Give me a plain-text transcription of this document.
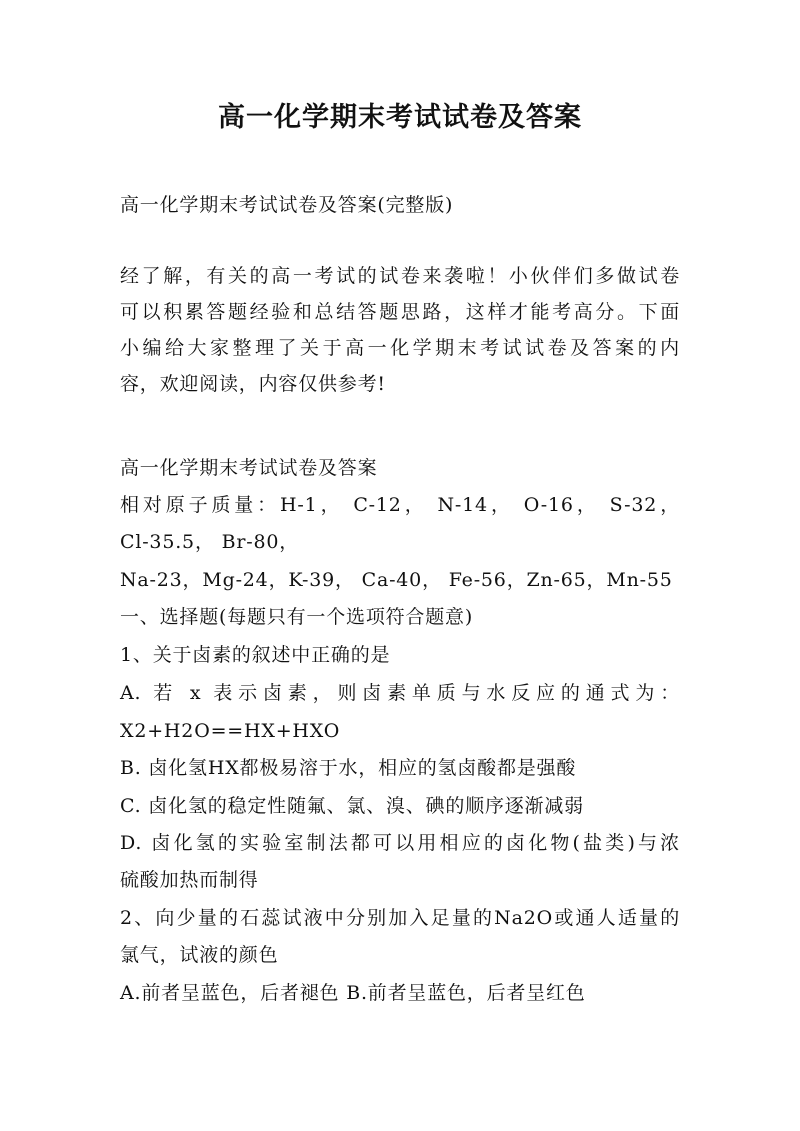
高一化学期末考试试卷及答案
高一化学期末考试试卷及答案(完整版)
经了解，有关的高一考试的试卷来袭啦！小伙伴们多做试卷
可以积累答题经验和总结答题思路，这样才能考高分。下面
小编给大家整理了关于高一化学期末考试试卷及答案的内
容，欢迎阅读，内容仅供参考!
高一化学期末考试试卷及答案
相对原子质量：H-1， C-12， N-14， O-16， S-32，
Cl-35.5， Br-80，
Na-23，Mg-24，K-39， Ca-40， Fe-56，Zn-65，Mn-55
一、选择题(每题只有一个选项符合题意)
1、关于卤素的叙述中正确的是
A. 若 x 表示卤素，则卤素单质与水反应的通式为：
X2+H2O==HX+HXO
B. 卤化氢HX都极易溶于水，相应的氢卤酸都是强酸
C. 卤化氢的稳定性随氟、氯、溴、碘的顺序逐渐减弱
D. 卤化氢的实验室制法都可以用相应的卤化物(盐类)与浓
硫酸加热而制得
2、向少量的石蕊试液中分别加入足量的Na2O或通人适量的
氯气，试液的颜色
A.前者呈蓝色，后者褪色 B.前者呈蓝色，后者呈红色
